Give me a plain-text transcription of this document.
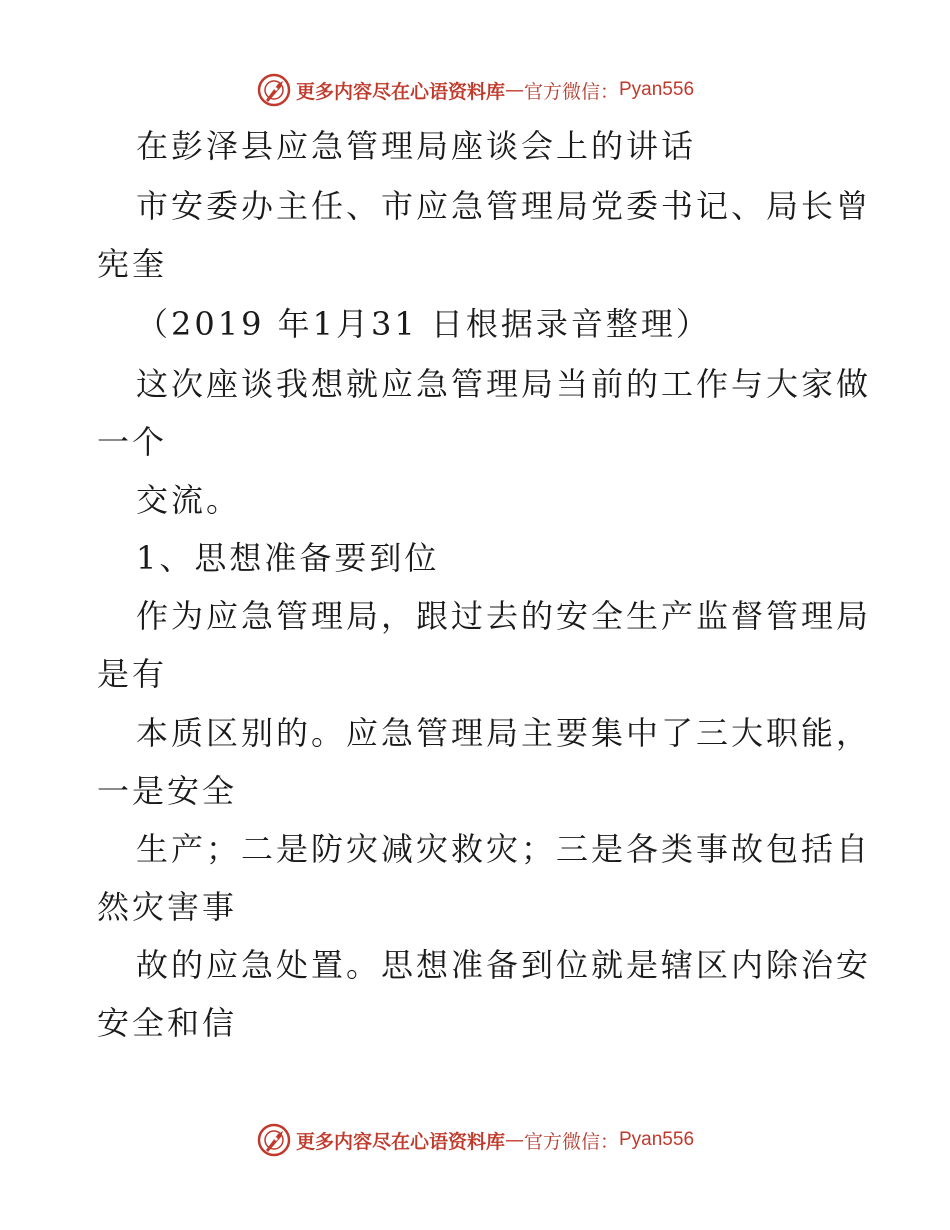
更多内容尽在心语资料库 — 官方微信： Pyan556
在彭泽县应急管理局座谈会上的讲话
市安委办主任、市应急管理局党委书记、局长曾
宪奎
（2019 年1月31 日根据录音整理）
这次座谈我想就应急管理局当前的工作与大家做
一个
交流。
1、思想准备要到位
作为应急管理局，跟过去的安全生产监督管理局
是有
本质区别的。应急管理局主要集中了三大职能，
一是安全
生产；二是防灾减灾救灾；三是各类事故包括自
然灾害事
故的应急处置。思想准备到位就是辖区内除治安
安全和信
更多内容尽在心语资料库 — 官方微信： Pyan556
